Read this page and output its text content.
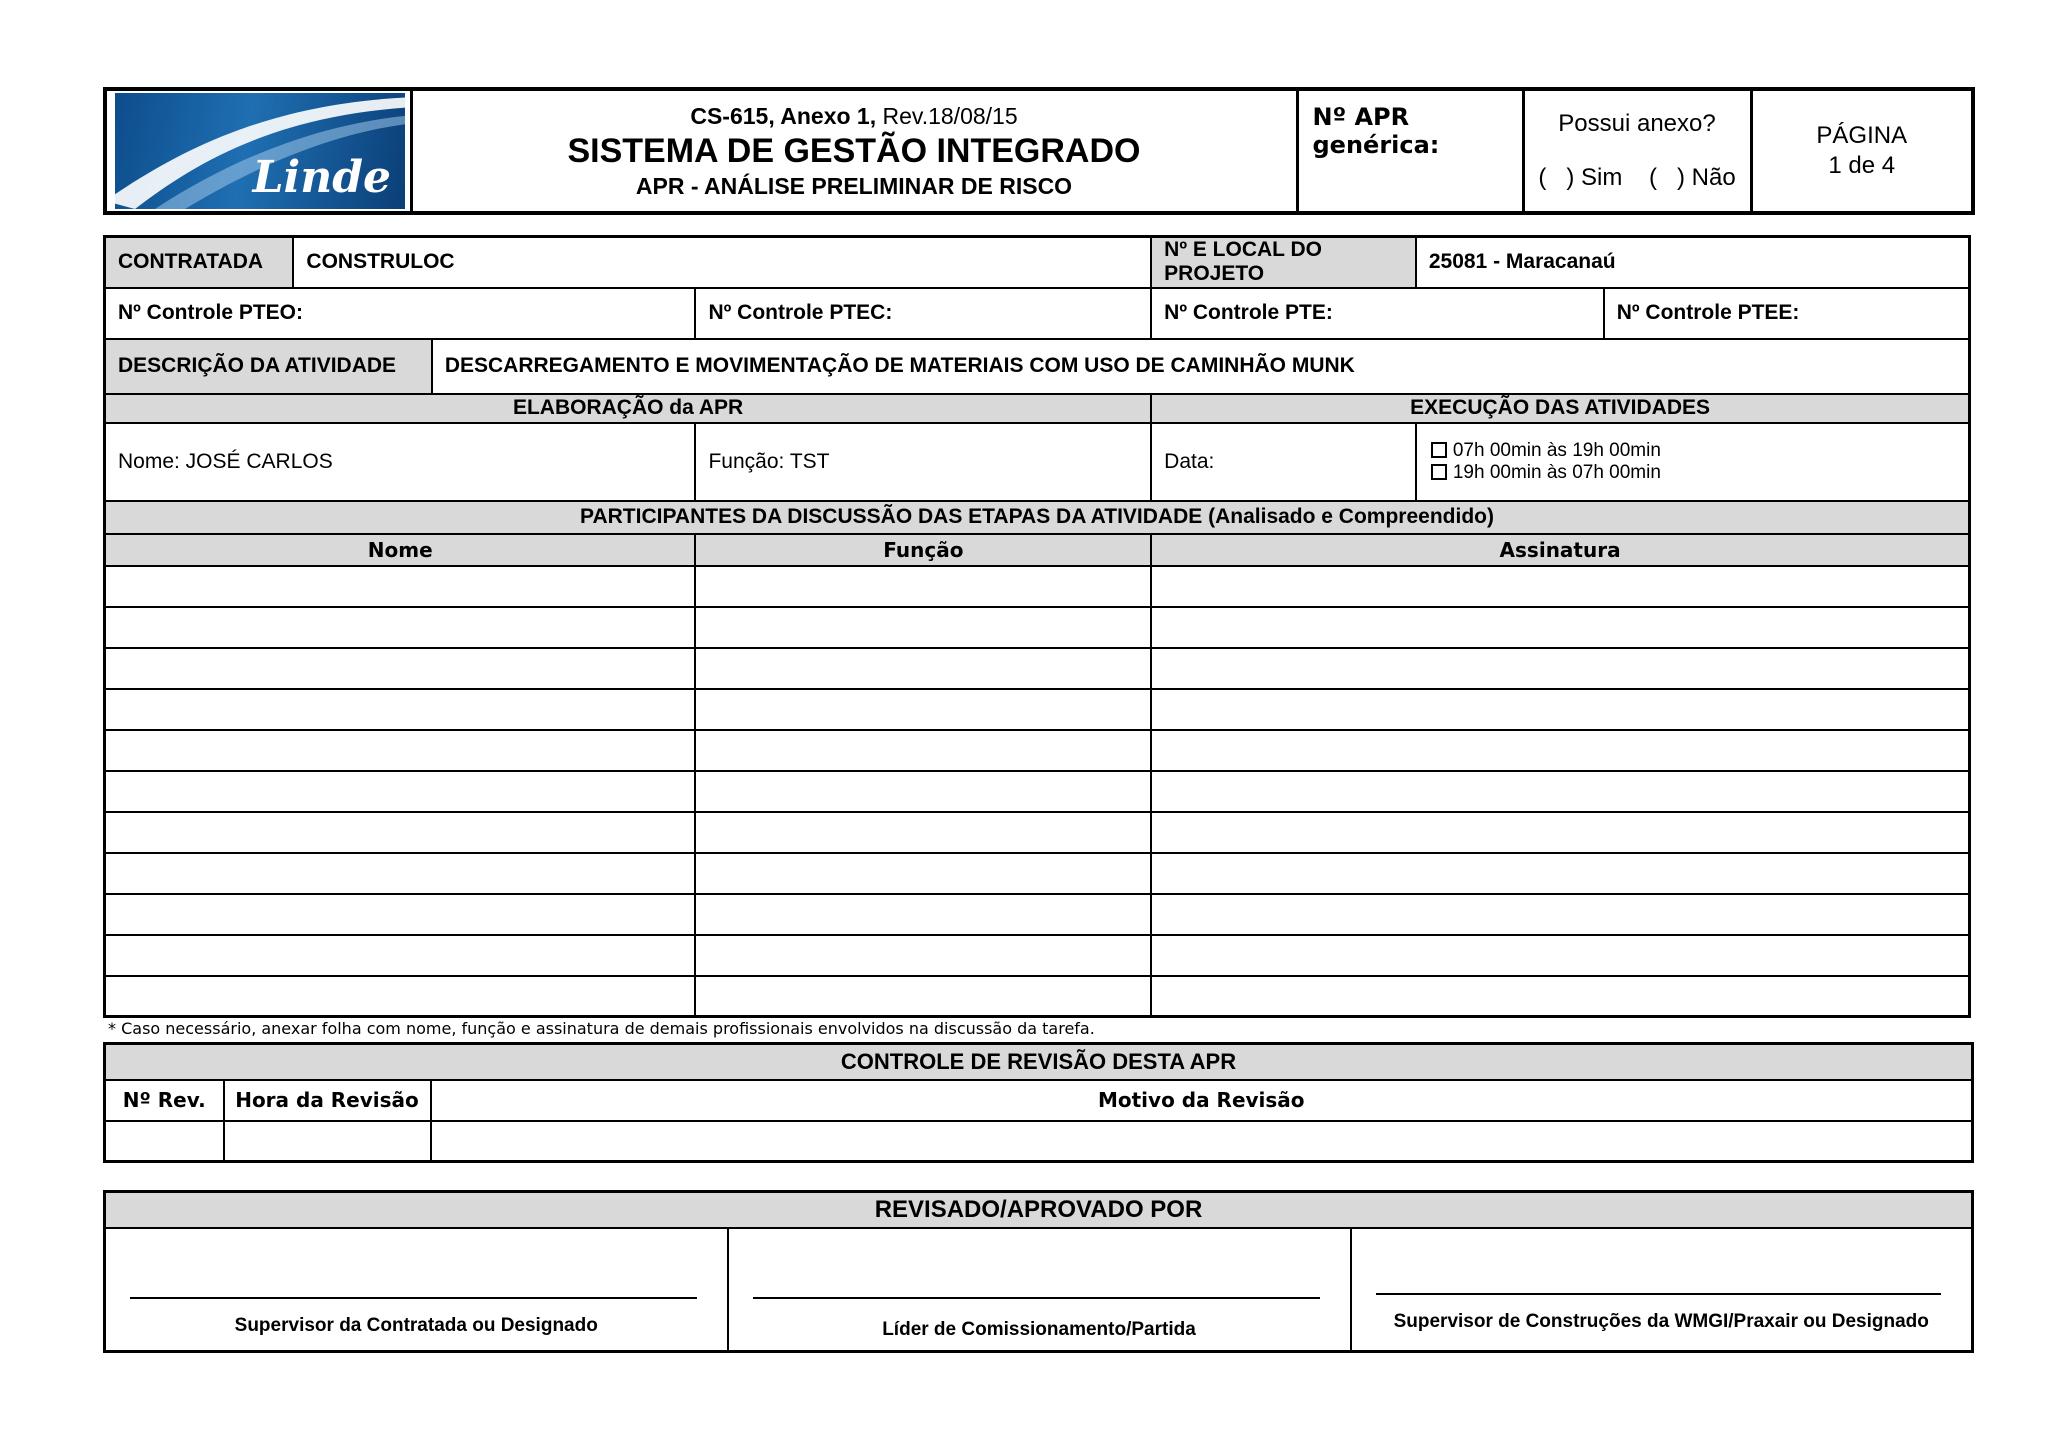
Linde

CS-615, Anexo 1, Rev.18/08/15
SISTEMA DE GESTÃO INTEGRADO
APR - ANÁLISE PRELIMINAR DE RISCO
	Nº APR genérica:	
Possui anexo?
(   ) Sim    (   ) Não

PÁGINA
1 de 4
CONTRATADA	CONSTRULOC			Nº E LOCAL DO PROJETO	25081 - Maracanaú	
Nº Controle PTEO:			Nº Controle PTEC:	Nº Controle PTE:		Nº Controle PTEE:
DESCRIÇÃO DA ATIVIDADE		DESCARREGAMENTO E MOVIMENTAÇÃO DE MATERIAIS COM USO DE CAMINHÃO MUNK				
ELABORAÇÃO da APR				EXECUÇÃO DAS ATIVIDADES		
Nome: JOSÉ CARLOS			Função: TST	Data:	07h 00min às 19h 00min
19h 00min às 07h 00min	

PARTICIPANTES DA DISCUSSÃO DAS ETAPAS DA ATIVIDADE (Analisado e Compreendido)						
Nome			Função	Assinatura		

* Caso necessário, anexar folha com nome, função e assinatura de demais profissionais envolvidos na discussão da tarefa.
CONTROLE DE REVISÃO DESTA APR		
Nº Rev.	Hora da Revisão	Motivo da Revisão

REVISADO/APROVADO POR

Supervisor da Contratada ou Designado	Líder de Comissionamento/Partida	Supervisor de Construções da WMGI/Praxair ou Designado
